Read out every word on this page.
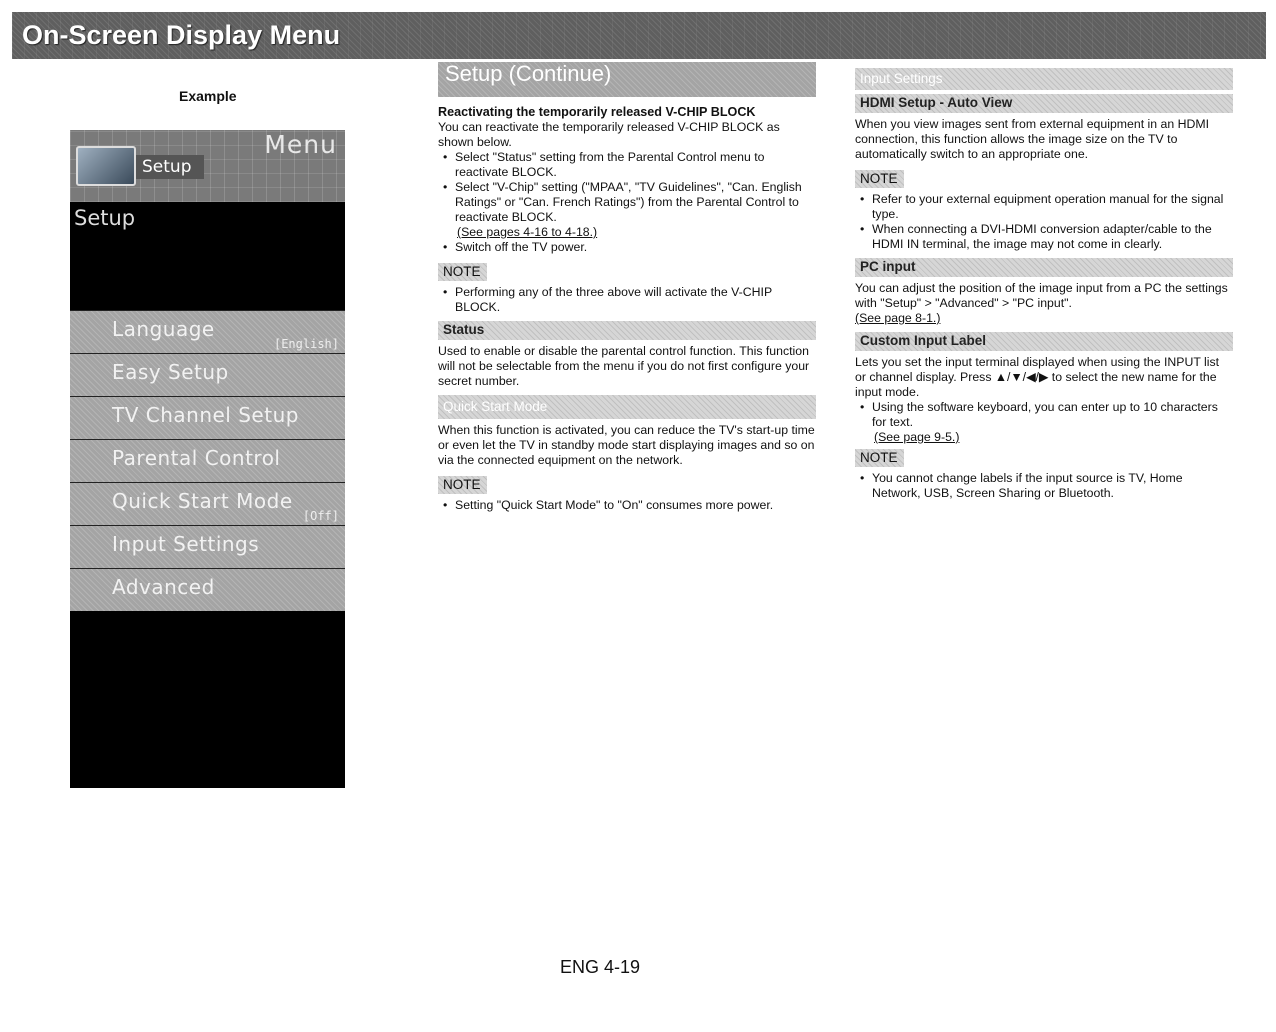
On-Screen Display Menu
Example
Menu
Setup
Setup
Language
[English]
Easy Setup
TV Channel Setup
Parental Control
Quick Start Mode
[Off]
Input Settings
Advanced
Setup (Continue)
Reactivating the temporarily released V-CHIP BLOCK

You can reactivate the temporarily released V-CHIP BLOCK as shown below.

• Select "Status" setting from the Parental Control menu to reactivate BLOCK.
• Select "V-Chip" setting ("MPAA", "TV Guidelines", "Can. English Ratings" or "Can. French Ratings") from the Parental Control to reactivate BLOCK.
(See pages 4-16 to 4-18.)
• Switch off the TV power.
NOTE
• Performing any of the three above will activate the V-CHIP BLOCK.
Status

Used to enable or disable the parental control function. This function will not be selectable from the menu if you do not first configure your secret number.

Quick Start Mode

When this function is activated, you can reduce the TV's start-up time or even let the TV in standby mode start displaying images and so on via the connected equipment on the network.

NOTE
• Setting "Quick Start Mode" to "On" consumes more power.
Input Settings
HDMI Setup - Auto View

When you view images sent from external equipment in an HDMI connection, this function allows the image size on the TV to automatically switch to an appropriate one.

NOTE
• Refer to your external equipment operation manual for the signal type.
• When connecting a DVI-HDMI conversion adapter/cable to the HDMI IN terminal, the image may not come in clearly.
PC input

You can adjust the position of the image input from a PC the settings with "Setup" > "Advanced" > "PC input".

(See page 8-1.)
Custom Input Label

Lets you set the input terminal displayed when using the INPUT list or channel display. Press ▲/▼/◀/▶ to select the new name for the input mode.

• Using the software keyboard, you can enter up to 10 characters for text.
(See page 9-5.)
NOTE
• You cannot change labels if the input source is TV, Home Network, USB, Screen Sharing or Bluetooth.
ENG 4-19
